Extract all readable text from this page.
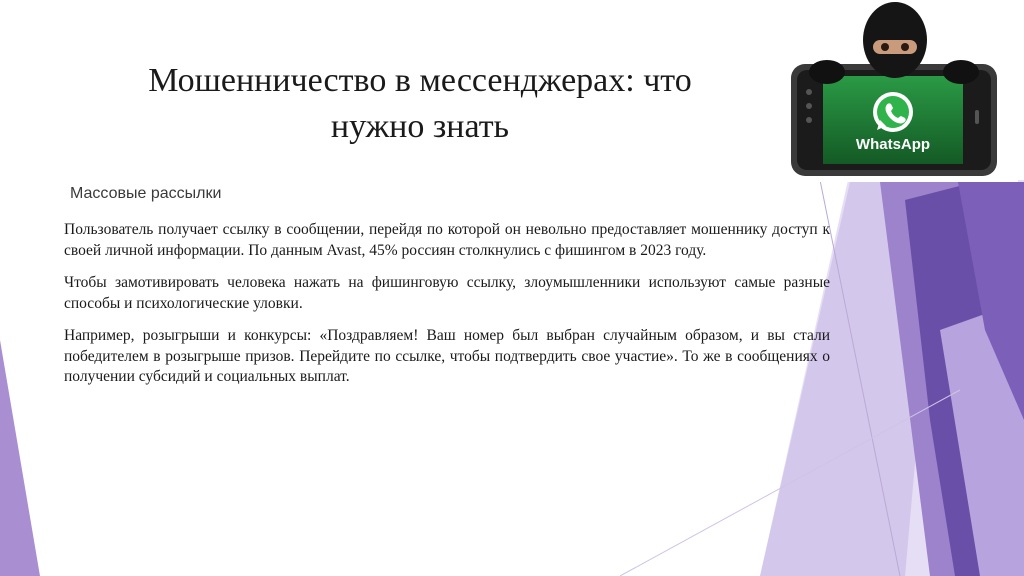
Мошенничество в мессенджерах: что
нужно знать
Массовые рассылки

Пользователь получает ссылку в сообщении, перейдя по которой он невольно предоставляет мошеннику доступ к своей личной информации. По данным Avast, 45% россиян столкнулись с фишингом в 2023 году.

Чтобы замотивировать человека нажать на фишинговую ссылку, злоумышленники используют самые разные способы и психологические уловки.

Например, розыгрыши и конкурсы: «Поздравляем! Ваш номер был выбран случайным образом, и вы стали победителем в розыгрыше призов. Перейдите по ссылке, чтобы подтвердить свое участие». То же в сообщениях о получении субсидий и социальных выплат.

WhatsApp
